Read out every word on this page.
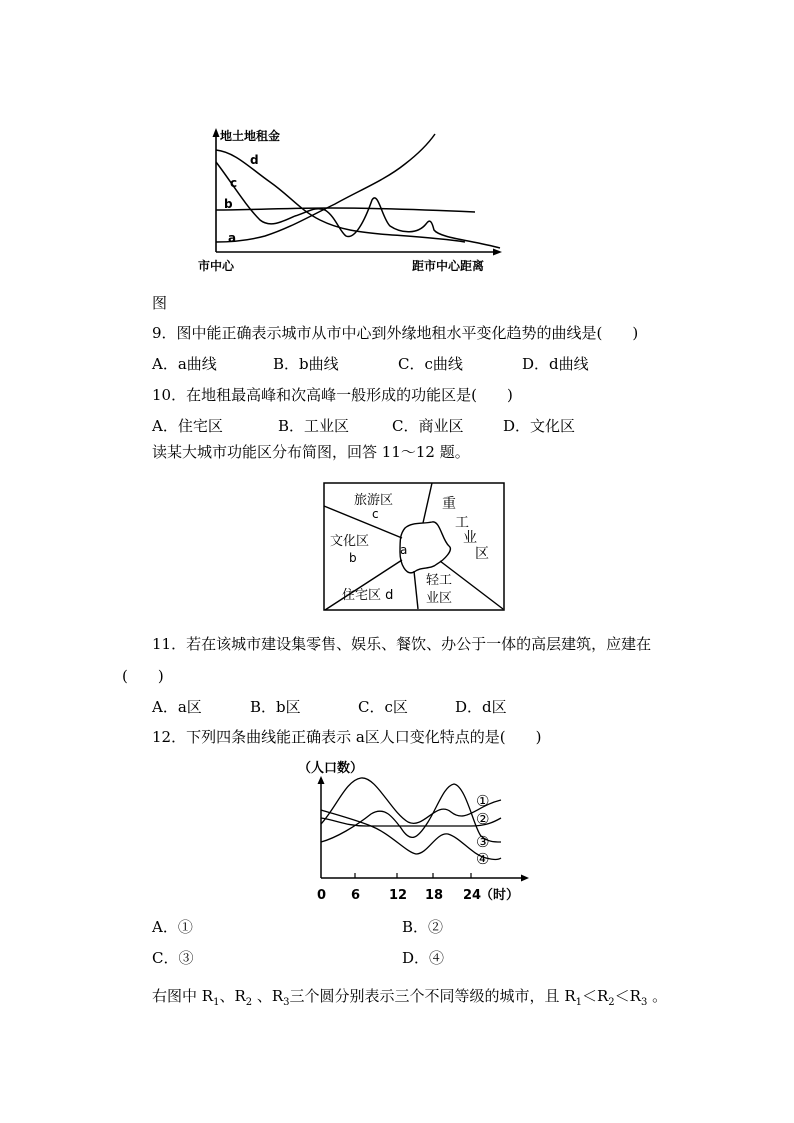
地土地租金
d
c
b
a
市中心	距市中心距离
图
9．图中能正确表示城市从市中心到外缘地租水平变化趋势的曲线是(　　)
A．a曲线	B．b曲线	C．c曲线	D．d曲线
10．在地租最高峰和次高峰一般形成的功能区是(　　)
A．住宅区	B．工业区	C．商业区	D．文化区
读某大城市功能区分布简图，回答 11～12 题。
旅游区
c
重
工
业
区
文化区
b
a
住宅区 d
轻工
业区
11．若在该城市建设集零售、娱乐、餐饮、办公于一体的高层建筑，应建在
(　　)
A．a区	B．b区	C．c区	D．d区
12．下列四条曲线能正确表示 a区人口变化特点的是(　　)
（人口数）
①
②
③
④
0 6 12 18 24
（时）
A．①	B．②
C．③	D．④
右图中 $R_1$、$R_2$ 、$R_3$三个圆分别表示三个不同等级的城市，且 $R_1<R_2<R_3$ 。
